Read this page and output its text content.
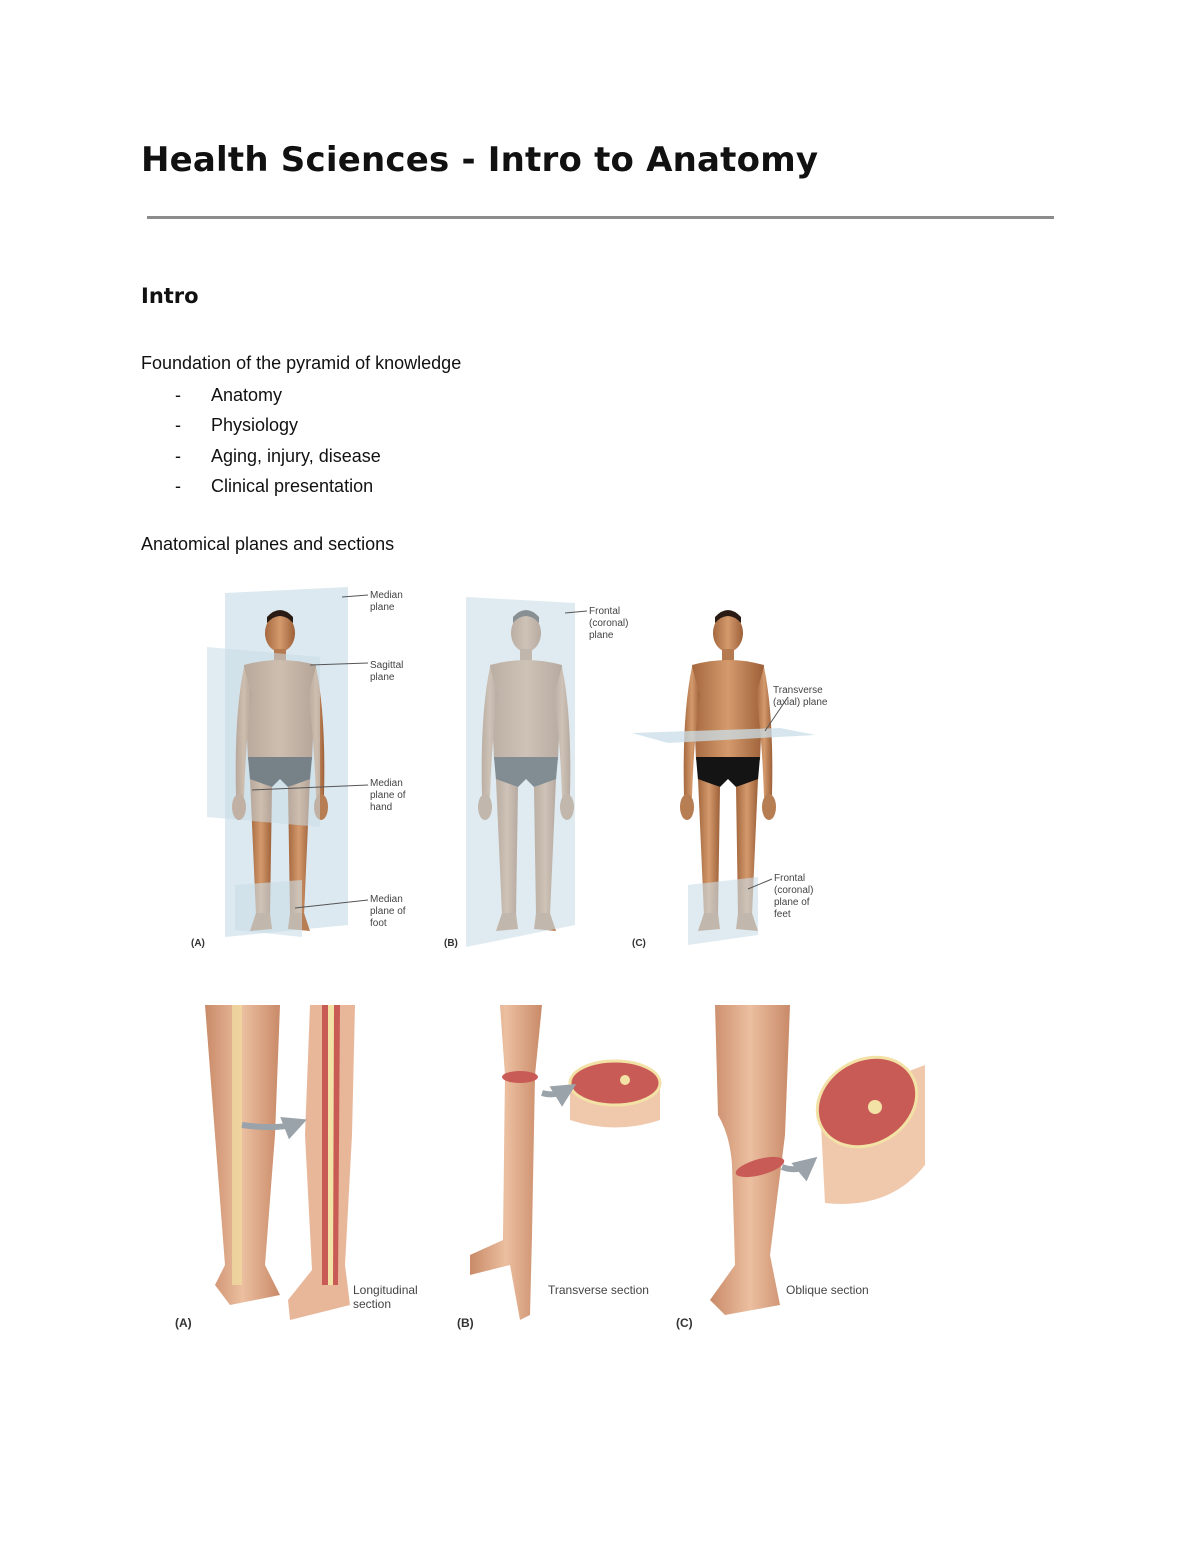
Health Sciences - Intro to Anatomy
Intro

Foundation of the pyramid of knowledge

- Anatomy
- Physiology
- Aging, injury, disease
- Clinical presentation

Anatomical planes and sections

Median plane
Sagittal plane
Median plane of hand
Median plane of foot
(A)
Frontal (coronal) plane
(B)
Transverse (axial) plane
Frontal (coronal) plane of feet
(C)
Longitudinal section
(A)
Transverse section
(B)
Oblique section
(C)
